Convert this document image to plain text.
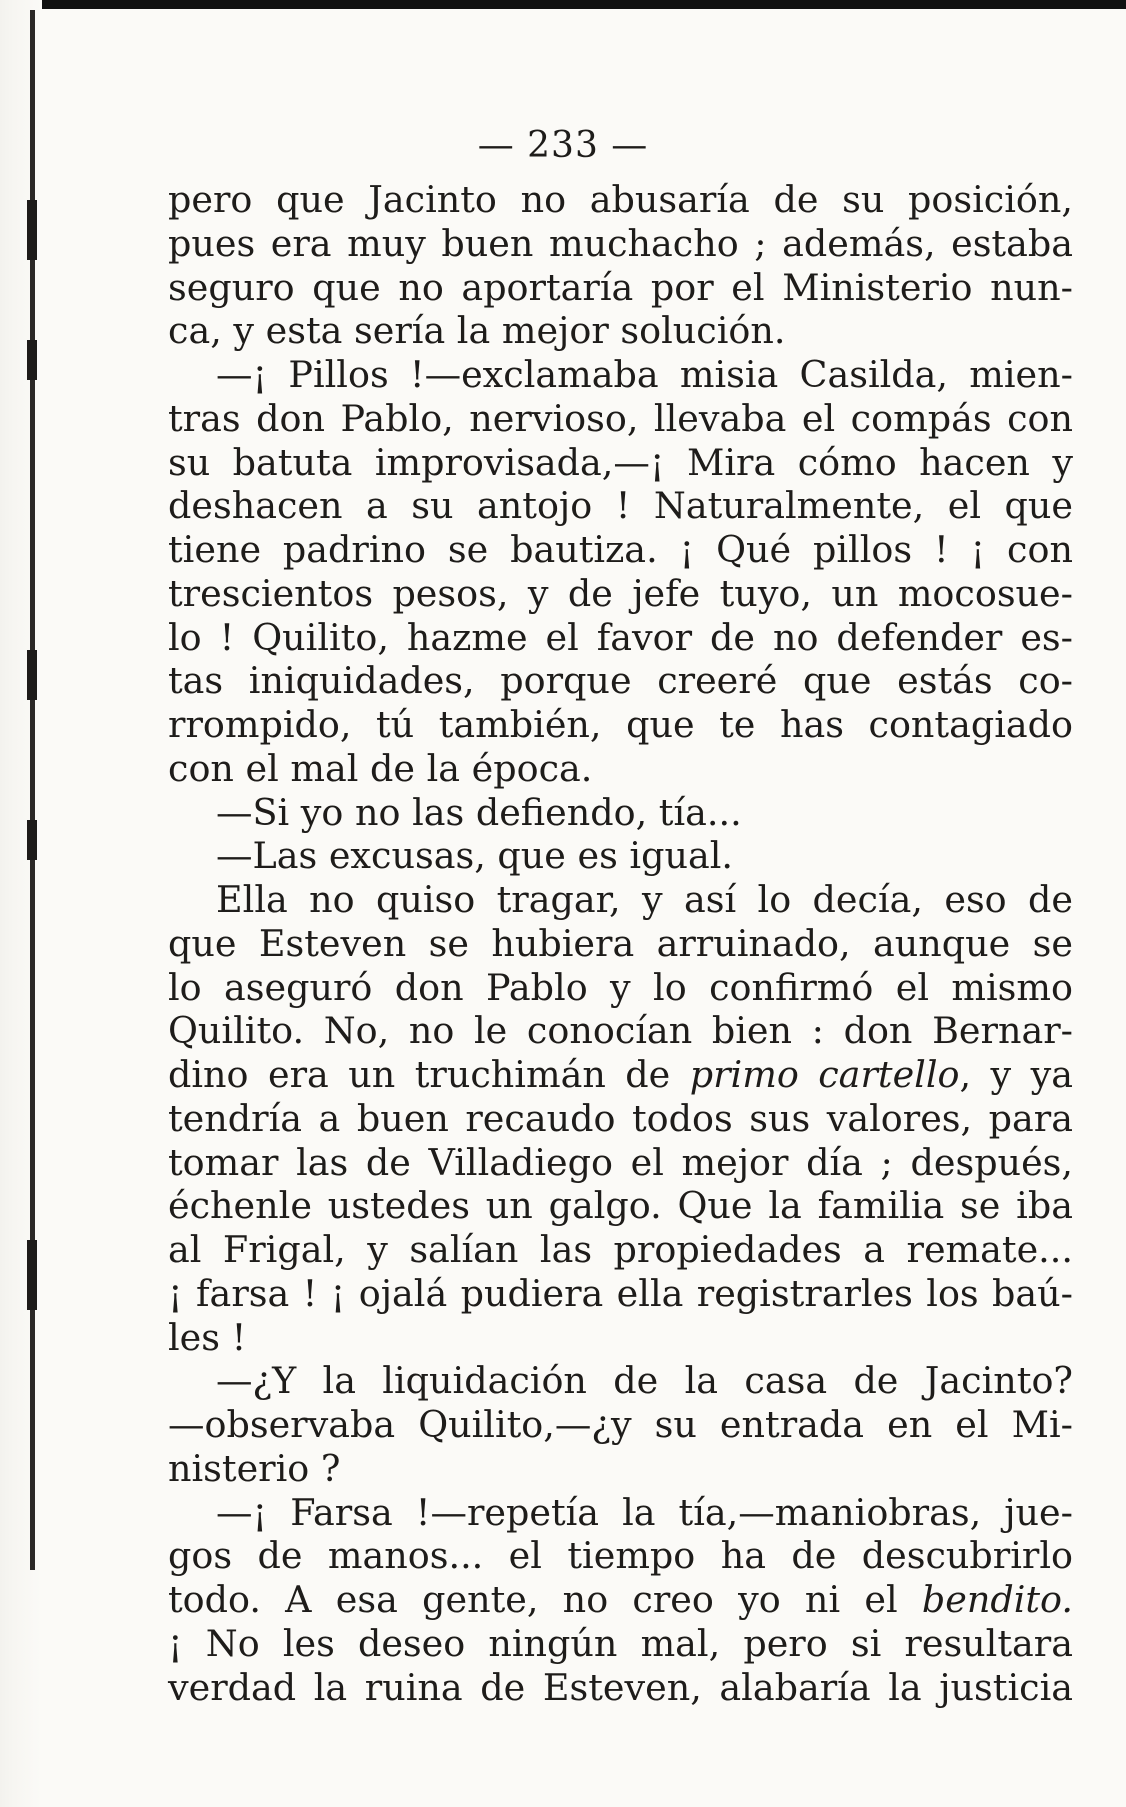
— 233 —
pero que Jacinto no abusaría de su posición,
pues era muy buen muchacho ; además, estaba
seguro que no aportaría por el Ministerio nun-
ca, y esta sería la mejor solución.
—¡ Pillos !—exclamaba misia Casilda, mien-
tras don Pablo, nervioso, llevaba el compás con
su batuta improvisada,—¡ Mira cómo hacen y
deshacen a su antojo ! Naturalmente, el que
tiene padrino se bautiza. ¡ Qué pillos ! ¡ con
trescientos pesos, y de jefe tuyo, un mocosue-
lo ! Quilito, hazme el favor de no defender es-
tas iniquidades, porque creeré que estás co-
rrompido, tú también, que te has contagiado
con el mal de la época.
—Si yo no las defiendo, tía...
—Las excusas, que es igual.
Ella no quiso tragar, y así lo decía, eso de
que Esteven se hubiera arruinado, aunque se
lo aseguró don Pablo y lo confirmó el mismo
Quilito. No, no le conocían bien : don Bernar-
dino era un truchimán de primo cartello, y ya
tendría a buen recaudo todos sus valores, para
tomar las de Villadiego el mejor día ; después,
échenle ustedes un galgo. Que la familia se iba
al Frigal, y salían las propiedades a remate...
¡ farsa ! ¡ ojalá pudiera ella registrarles los baú-
les !
—¿Y la liquidación de la casa de Jacinto?
—observaba Quilito,—¿y su entrada en el Mi-
nisterio ?
—¡ Farsa !—repetía la tía,—maniobras, jue-
gos de manos... el tiempo ha de descubrirlo
todo. A esa gente, no creo yo ni el bendito.
¡ No les deseo ningún mal, pero si resultara
verdad la ruina de Esteven, alabaría la justicia
